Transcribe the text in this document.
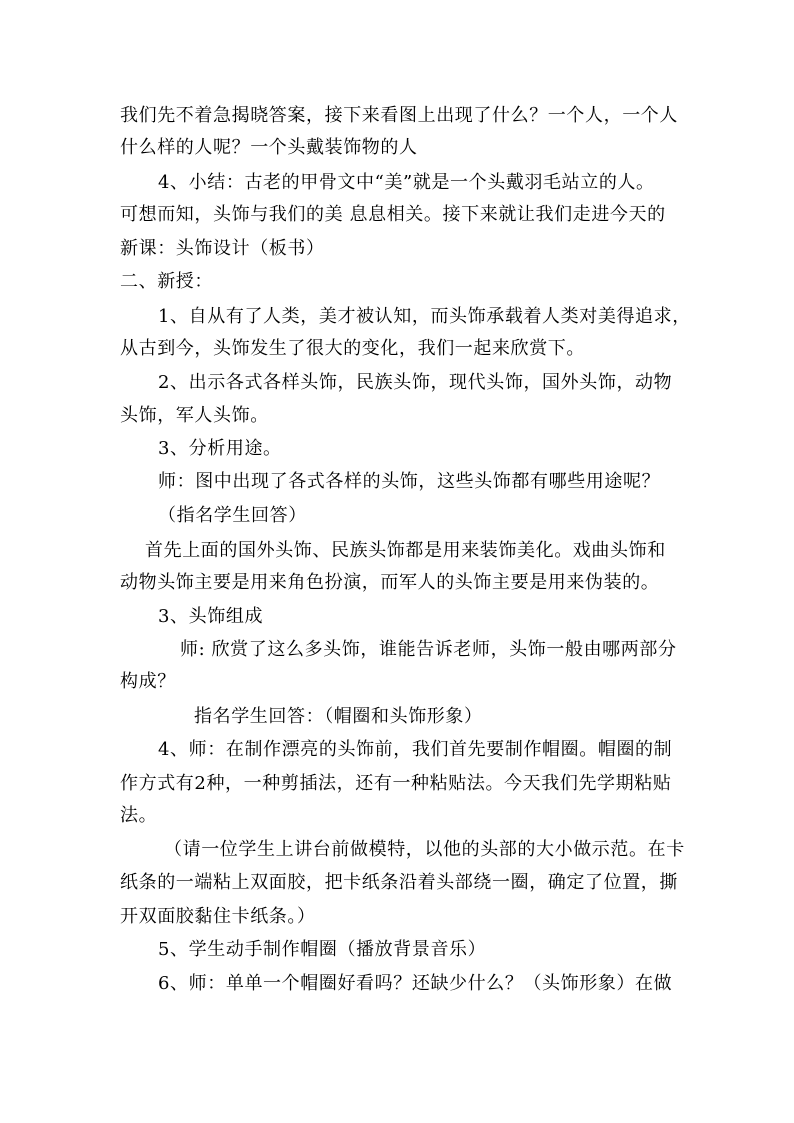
我们先不着急揭晓答案，接下来看图上出现了什么？一个人，一个人
什么样的人呢？一个头戴装饰物的人
4、小结：古老的甲骨文中“美”就是一个头戴羽毛站立的人。
可想而知，头饰与我们的美 息息相关。接下来就让我们走进今天的
新课：头饰设计（板书）
二、新授：
1、自从有了人类，美才被认知，而头饰承载着人类对美得追求，
从古到今，头饰发生了很大的变化，我们一起来欣赏下。
2、出示各式各样头饰，民族头饰，现代头饰，国外头饰，动物
头饰，军人头饰。
3、分析用途。
师：图中出现了各式各样的头饰，这些头饰都有哪些用途呢？
（指名学生回答）
首先上面的国外头饰、民族头饰都是用来装饰美化。戏曲头饰和
动物头饰主要是用来角色扮演，而军人的头饰主要是用来伪装的。
3、头饰组成
师: 欣赏了这么多头饰，谁能告诉老师，头饰一般由哪两部分
构成？
指名学生回答：（帽圈和头饰形象）
4、师：在制作漂亮的头饰前，我们首先要制作帽圈。帽圈的制
作方式有2种，一种剪插法，还有一种粘贴法。今天我们先学期粘贴
法。
（请一位学生上讲台前做模特，以他的头部的大小做示范。在卡
纸条的一端粘上双面胶，把卡纸条沿着头部绕一圈，确定了位置，撕
开双面胶黏住卡纸条。）
5、学生动手制作帽圈（播放背景音乐）
6、师：单单一个帽圈好看吗？还缺少什么？（头饰形象）在做
